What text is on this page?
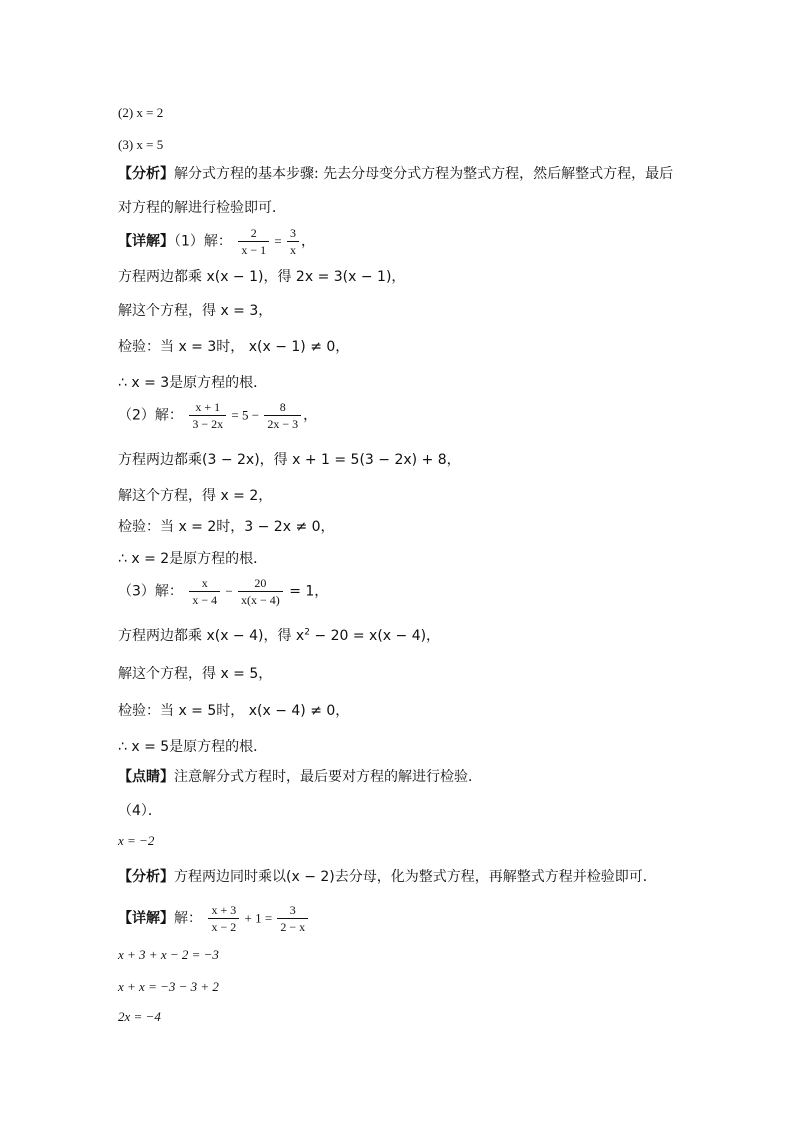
(2) x = 2
(3) x = 5
【分析】解分式方程的基本步骤: 先去分母变分式方程为整式方程，然后解整式方程，最后
对方程的解进行检验即可．
【详解】（1）解： $\frac{2}{x - 1} = \frac{3}{x}$ ，
方程两边都乘 x(x − 1)，得 2x = 3(x − 1)，
解这个方程，得 x = 3，
检验：当 x = 3时， x(x − 1) ≠ 0，
∴ x = 3是原方程的根．
（2）解： $\frac{x + 1}{3 - 2x} = 5 - \frac{8}{2x - 3}$ ，
方程两边都乘(3 − 2x)，得 x + 1 = 5(3 − 2x) + 8，
解这个方程，得 x = 2，
检验：当 x = 2时，3 − 2x ≠ 0，
∴ x = 2是原方程的根．
（3）解： $\frac{x}{x - 4} - \frac{20}{x(x - 4)} = 1$，
方程两边都乘 x(x − 4)，得 $x^2 - 20 = x(x - 4)$，
解这个方程，得 x = 5，
检验：当 x = 5时， x(x − 4) ≠ 0，
∴ x = 5是原方程的根．
【点睛】注意解分式方程时，最后要对方程的解进行检验．
（4）．
x = −2
【分析】方程两边同时乘以(x − 2)去分母，化为整式方程，再解整式方程并检验即可．
【详解】解： $\frac{x + 3}{x - 2} + 1 = \frac{3}{2 - x}$
x + 3 + x − 2 = −3
x + x = −3 − 3 + 2
2x = −4
